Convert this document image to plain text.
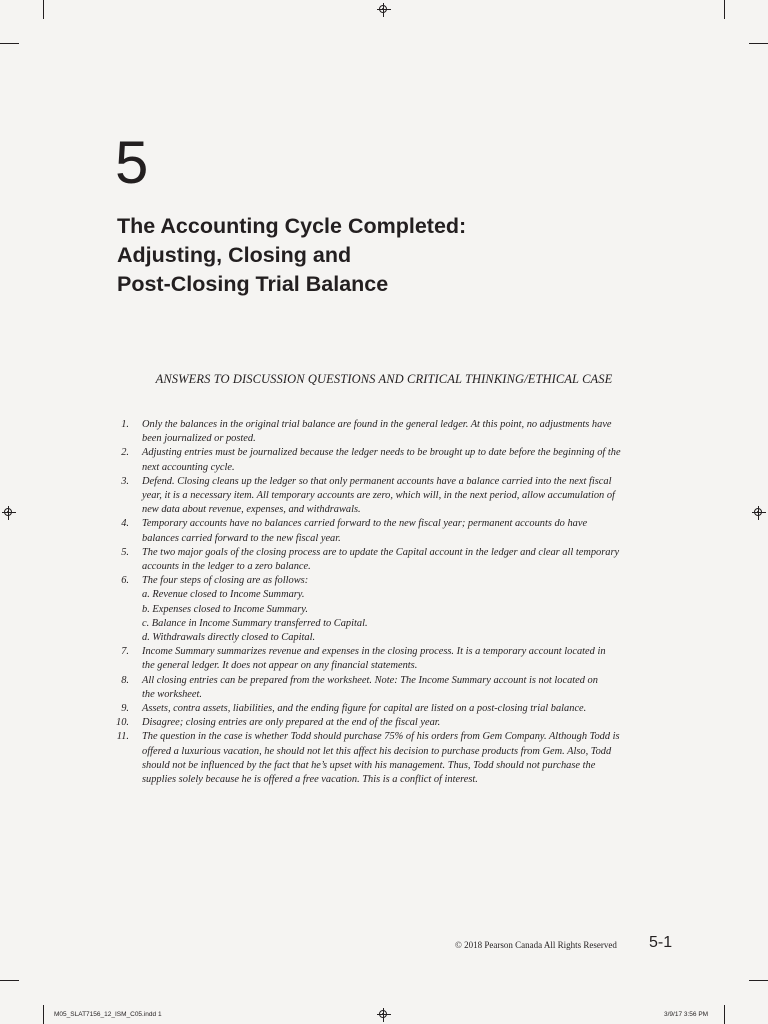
5
The Accounting Cycle Completed:
Adjusting, Closing and
Post-Closing Trial Balance
ANSWERS TO DISCUSSION QUESTIONS AND CRITICAL THINKING/ETHICAL CASE
1. Only the balances in the original trial balance are found in the general ledger. At this point, no adjustments have
been journalized or posted.
2. Adjusting entries must be journalized because the ledger needs to be brought up to date before the beginning of the
next accounting cycle.
3. Defend. Closing cleans up the ledger so that only permanent accounts have a balance carried into the next fiscal
year, it is a necessary item. All temporary accounts are zero, which will, in the next period, allow accumulation of
new data about revenue, expenses, and withdrawals.
4. Temporary accounts have no balances carried forward to the new fiscal year; permanent accounts do have
balances carried forward to the new fiscal year.
5. The two major goals of the closing process are to update the Capital account in the ledger and clear all temporary
accounts in the ledger to a zero balance.
6. The four steps of closing are as follows:
a. Revenue closed to Income Summary.
b. Expenses closed to Income Summary.
c. Balance in Income Summary transferred to Capital.
d. Withdrawals directly closed to Capital.
7. Income Summary summarizes revenue and expenses in the closing process. It is a temporary account located in
the general ledger. It does not appear on any financial statements.
8. All closing entries can be prepared from the worksheet. Note: The Income Summary account is not located on
the worksheet.
9. Assets, contra assets, liabilities, and the ending figure for capital are listed on a post-closing trial balance.
10. Disagree; closing entries are only prepared at the end of the fiscal year.
11. The question in the case is whether Todd should purchase 75% of his orders from Gem Company. Although Todd is
offered a luxurious vacation, he should not let this affect his decision to purchase products from Gem. Also, Todd
should not be influenced by the fact that he’s upset with his management. Thus, Todd should not purchase the
supplies solely because he is offered a free vacation. This is a conflict of interest.
© 2018 Pearson Canada All Rights Reserved 5-1
M05_SLAT7156_12_ISM_C05.indd 1	3/9/17 3:56 PM
